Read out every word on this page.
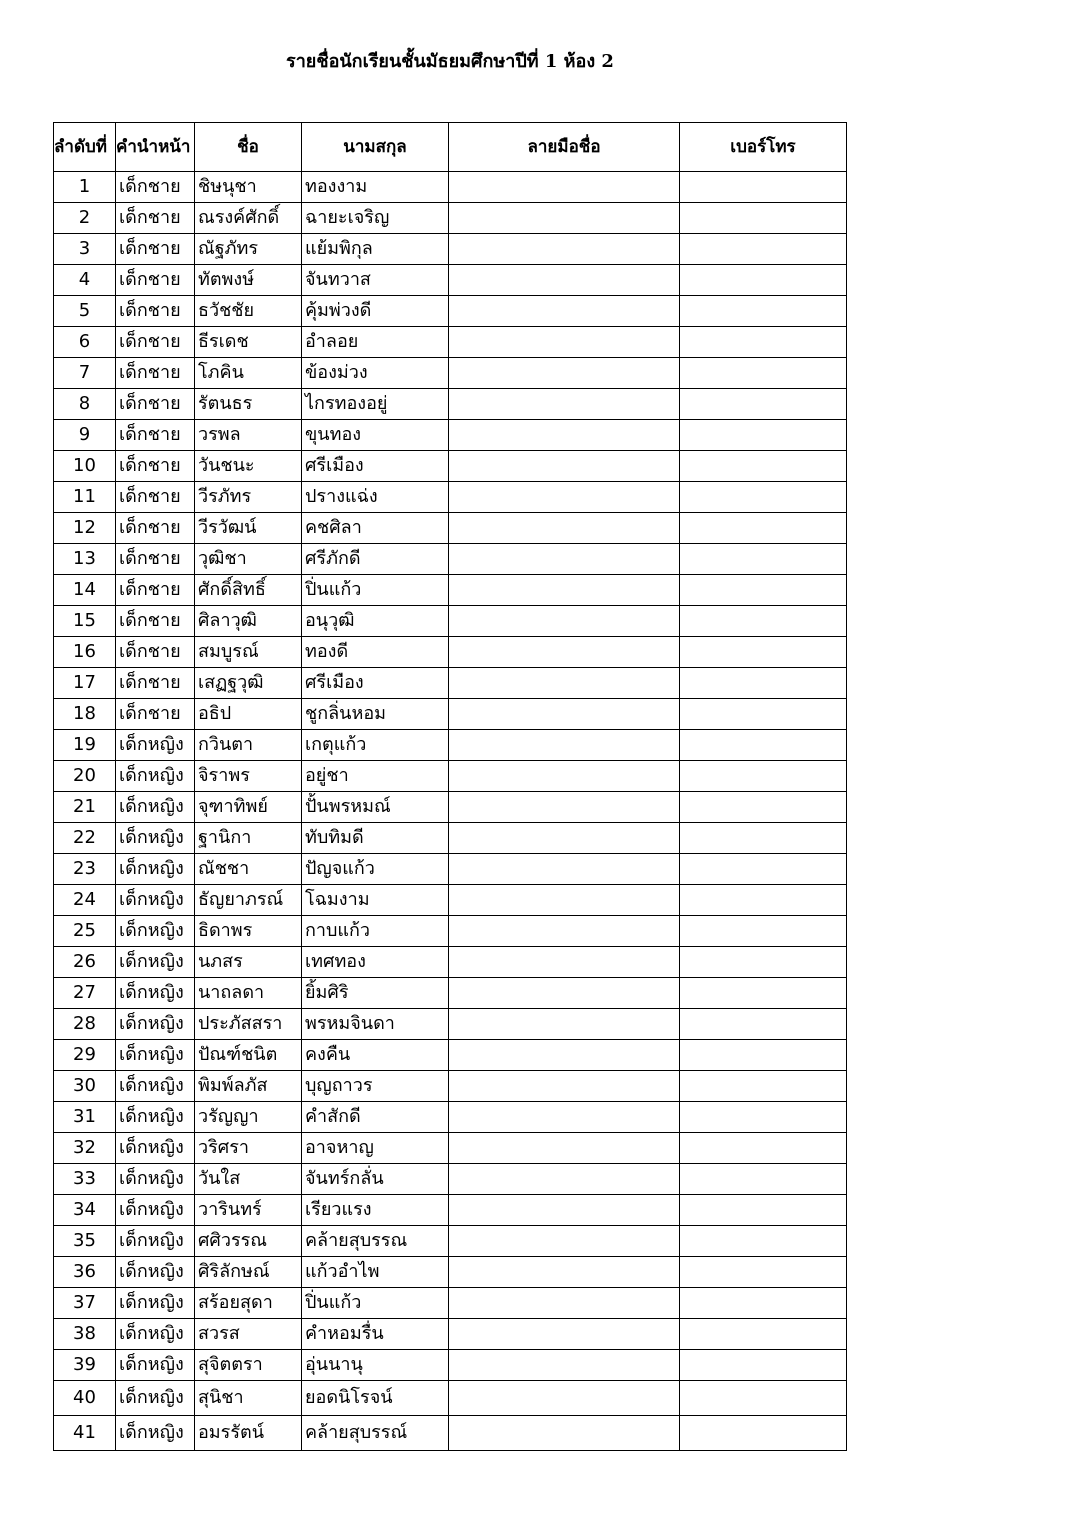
รายชื่อนักเรียนชั้นมัธยมศึกษาปีที่ 1 ห้อง 2
ลำดับที่	คำนำหน้า	ชื่อ	นามสกุล	ลายมือชื่อ	เบอร์โทร
1	เด็กชาย	ชิษนุชา	ทองงาม		
2	เด็กชาย	ณรงค์ศักดิ์	ฉายะเจริญ		
3	เด็กชาย	ณัฐภัทร	แย้มพิกุล		
4	เด็กชาย	ทัตพงษ์	จันทวาส		
5	เด็กชาย	ธวัชชัย	คุ้มพ่วงดี		
6	เด็กชาย	ธีรเดช	อำลอย		
7	เด็กชาย	โภคิน	ข้องม่วง		
8	เด็กชาย	รัตนธร	ไกรทองอยู่		
9	เด็กชาย	วรพล	ขุนทอง		
10	เด็กชาย	วันชนะ	ศรีเมือง		
11	เด็กชาย	วีรภัทร	ปรางแฉ่ง		
12	เด็กชาย	วีรวัฒน์	คชศิลา		
13	เด็กชาย	วุฒิชา	ศรีภักดี		
14	เด็กชาย	ศักดิ์สิทธิ์	ปิ่นแก้ว		
15	เด็กชาย	ศิลาวุฒิ	อนุวุฒิ		
16	เด็กชาย	สมบูรณ์	ทองดี		
17	เด็กชาย	เสฏฐวุฒิ	ศรีเมือง		
18	เด็กชาย	อธิป	ชูกลิ่นหอม		
19	เด็กหญิง	กวินตา	เกตุแก้ว		
20	เด็กหญิง	จิราพร	อยู่ชา		
21	เด็กหญิง	จุฑาทิพย์	ปั้นพรหมณ์		
22	เด็กหญิง	ฐานิกา	ทับทิมดี		
23	เด็กหญิง	ณัชชา	ปัญจแก้ว		
24	เด็กหญิง	ธัญยาภรณ์	โฉมงาม		
25	เด็กหญิง	ธิดาพร	กาบแก้ว		
26	เด็กหญิง	นภสร	เทศทอง		
27	เด็กหญิง	นาถลดา	ยิ้มศิริ		
28	เด็กหญิง	ประภัสสรา	พรหมจินดา		
29	เด็กหญิง	ปัณฑ์ชนิต	คงคืน		
30	เด็กหญิง	พิมพ์ลภัส	บุญถาวร		
31	เด็กหญิง	วรัญญา	คำสักดี		
32	เด็กหญิง	วริศรา	อาจหาญ		
33	เด็กหญิง	วันใส	จันทร์กลั่น		
34	เด็กหญิง	วารินทร์	เรียวแรง		
35	เด็กหญิง	ศศิวรรณ	คล้ายสุบรรณ		
36	เด็กหญิง	ศิริลักษณ์	แก้วอำไพ		
37	เด็กหญิง	สร้อยสุดา	ปิ่นแก้ว		
38	เด็กหญิง	สวรส	คำหอมรื่น		
39	เด็กหญิง	สุจิตตรา	อุ่นนานุ		
40	เด็กหญิง	สุนิชา	ยอดนิโรจน์		
41	เด็กหญิง	อมรรัตน์	คล้ายสุบรรณ์		
